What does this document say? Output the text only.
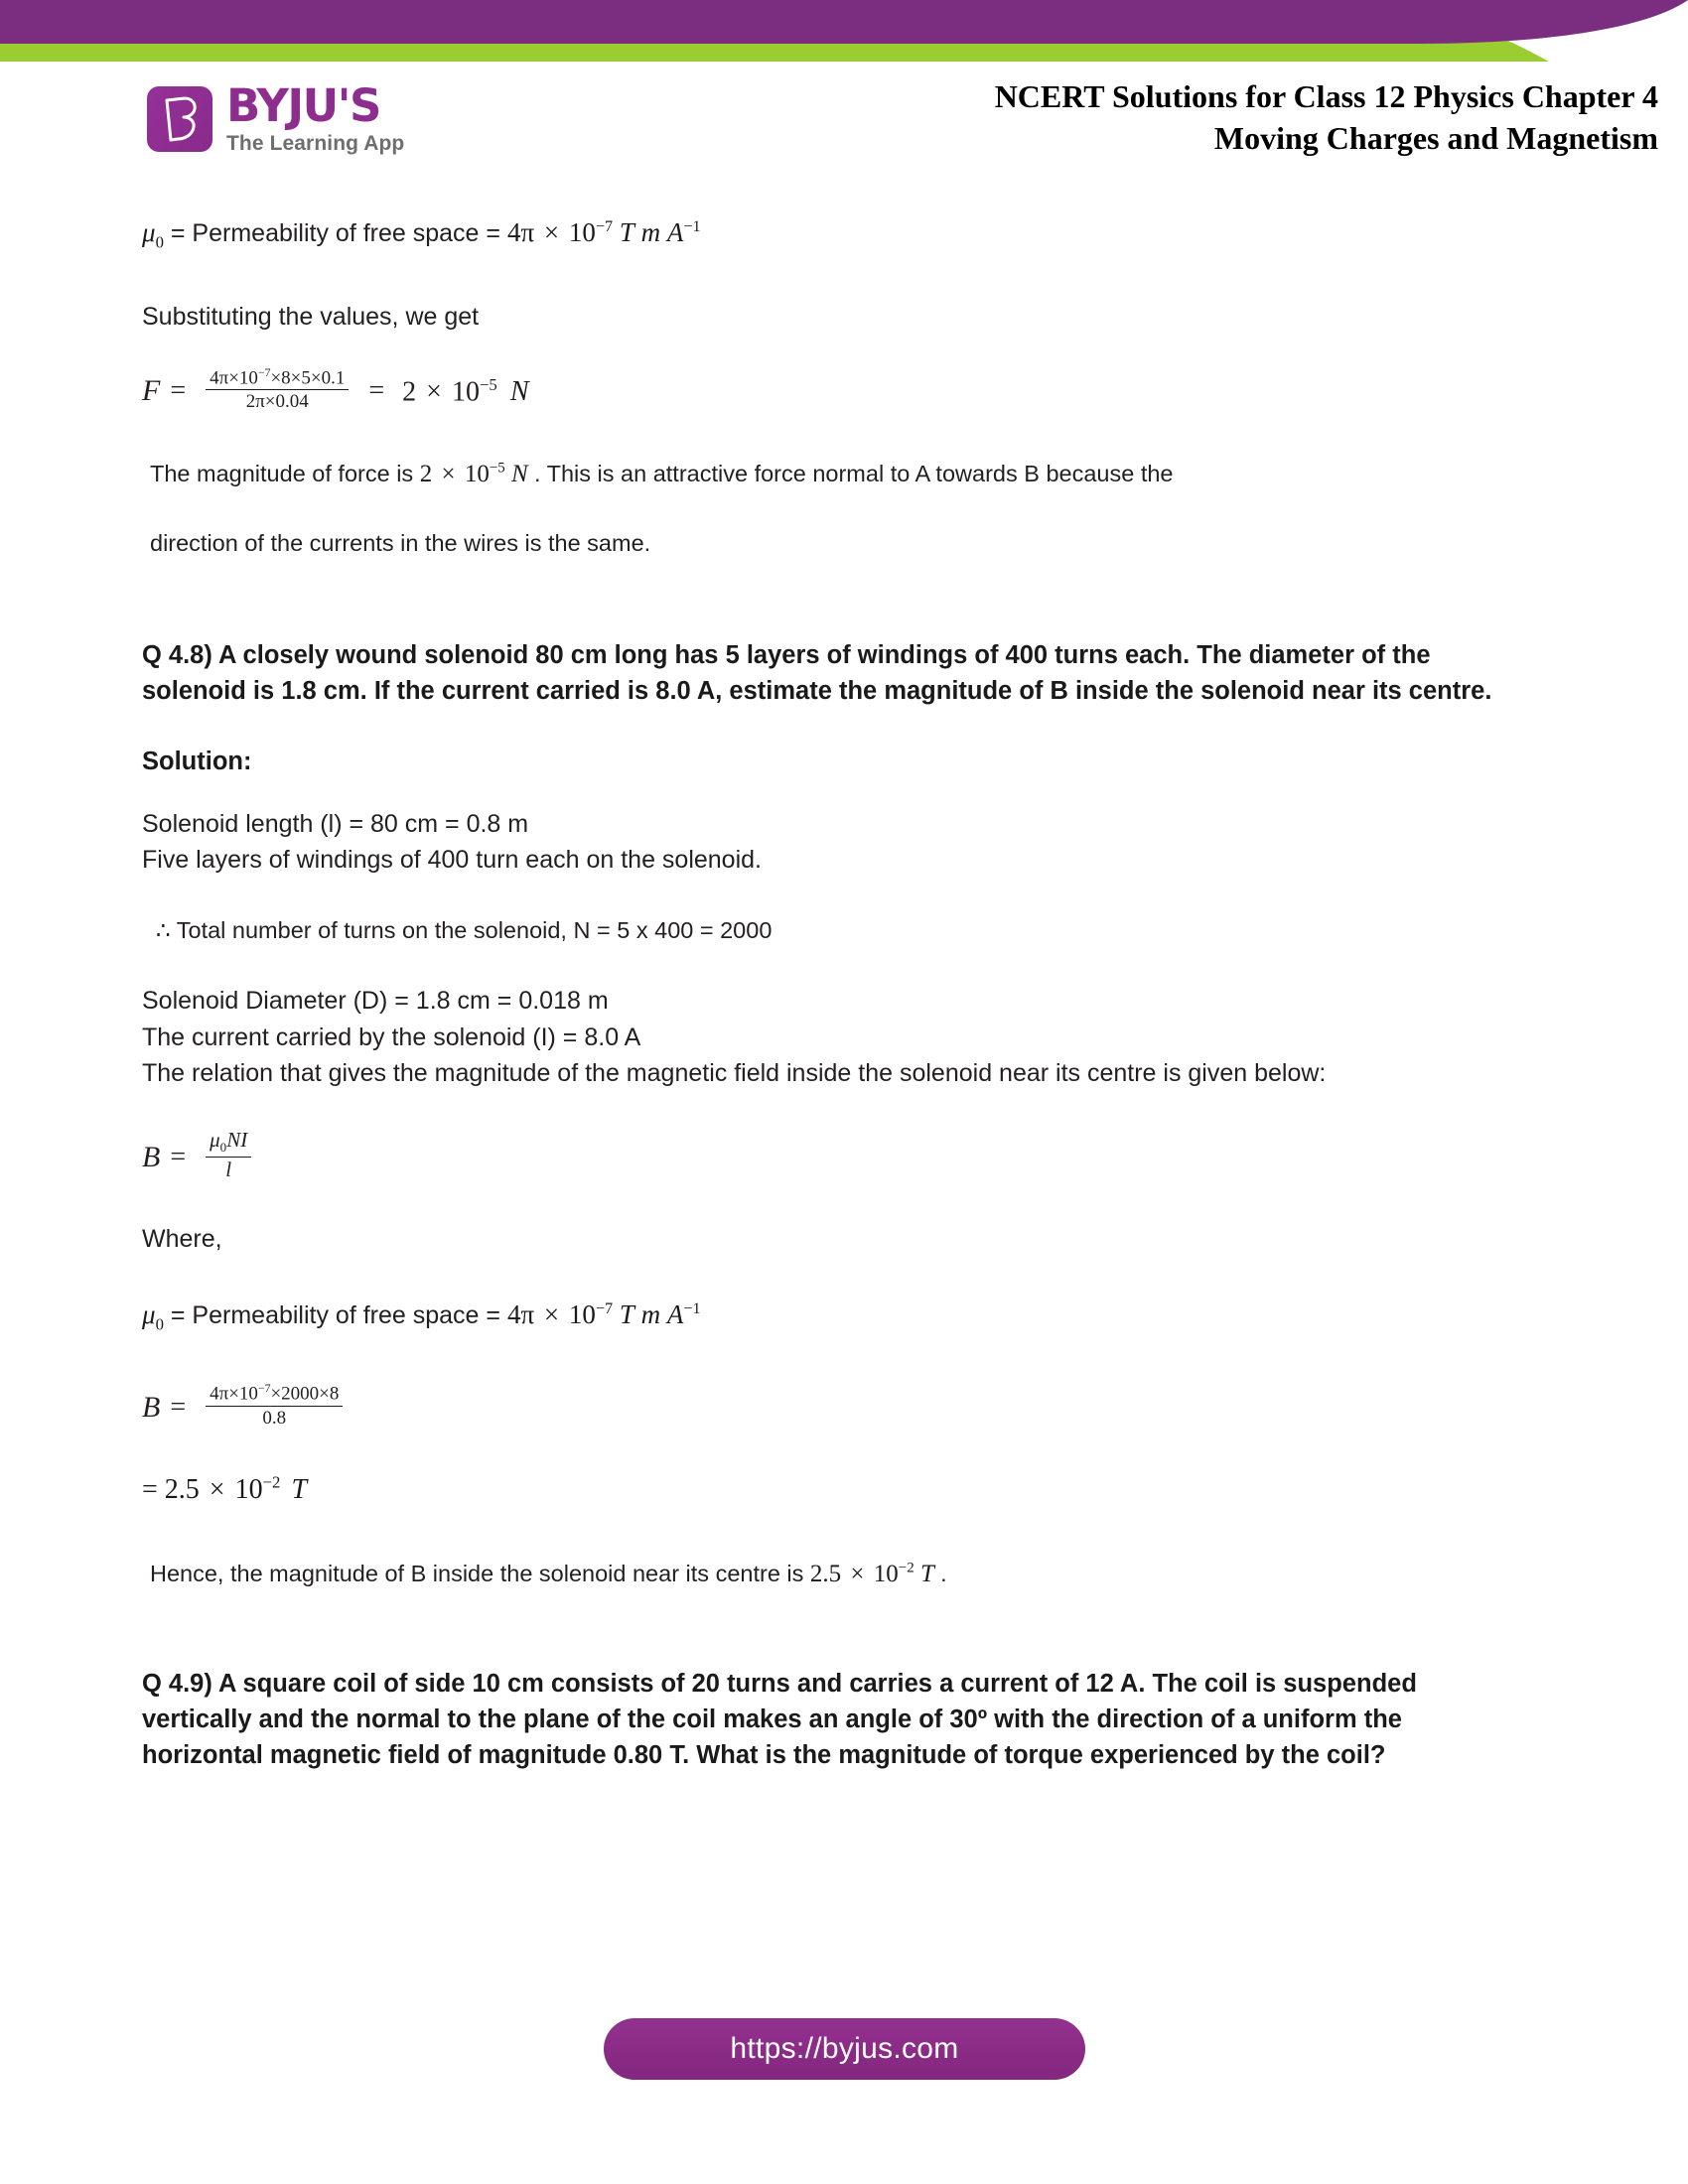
BYJU'S
The Learning App
NCERT Solutions for Class 12 Physics Chapter 4
Moving Charges and Magnetism

$\mu_0$ = Permeability of free space = $4\pi \times 10^{-7}$ T m $A^{-1}$

Substituting the values, we get

$F = \frac{4\pi\times 10^{-7}\times 8\times 5\times 0.1}{2\pi\times 0.04} = 2 \times 10^{-5}$ N

The magnitude of force is $2 \times 10^{-5}$ N . This is an attractive force normal to A towards B because the

direction of the currents in the wires is the same.

Q 4.8) A closely wound solenoid 80 cm long has 5 layers of windings of 400 turns each. The diameter of the solenoid is 1.8 cm. If the current carried is 8.0 A, estimate the magnitude of B inside the solenoid near its centre.

Solution:

Solenoid length (l) = 80 cm = 0.8 m

Five layers of windings of 400 turn each on the solenoid.

∴ Total number of turns on the solenoid, N = 5 x 400 = 2000

Solenoid Diameter (D) = 1.8 cm = 0.018 m

The current carried by the solenoid (I) = 8.0 A

The relation that gives the magnitude of the magnetic field inside the solenoid near its centre is given below:

$B = \frac{\mu_0NI}{l}$

Where,

$\mu_0$ = Permeability of free space = $4\pi \times 10^{-7}$ T m $A^{-1}$

$B = \frac{4\pi\times 10^{-7}\times 2000\times 8}{0.8}$

= $2.5 \times 10^{-2}$ T

Hence, the magnitude of B inside the solenoid near its centre is $2.5 \times 10^{-2}$ T .

Q 4.9) A square coil of side 10 cm consists of 20 turns and carries a current of 12 A. The coil is suspended vertically and the normal to the plane of the coil makes an angle of 30º with the direction of a uniform the horizontal magnetic field of magnitude 0.80 T. What is the magnitude of torque experienced by the coil?

https://byjus.com
